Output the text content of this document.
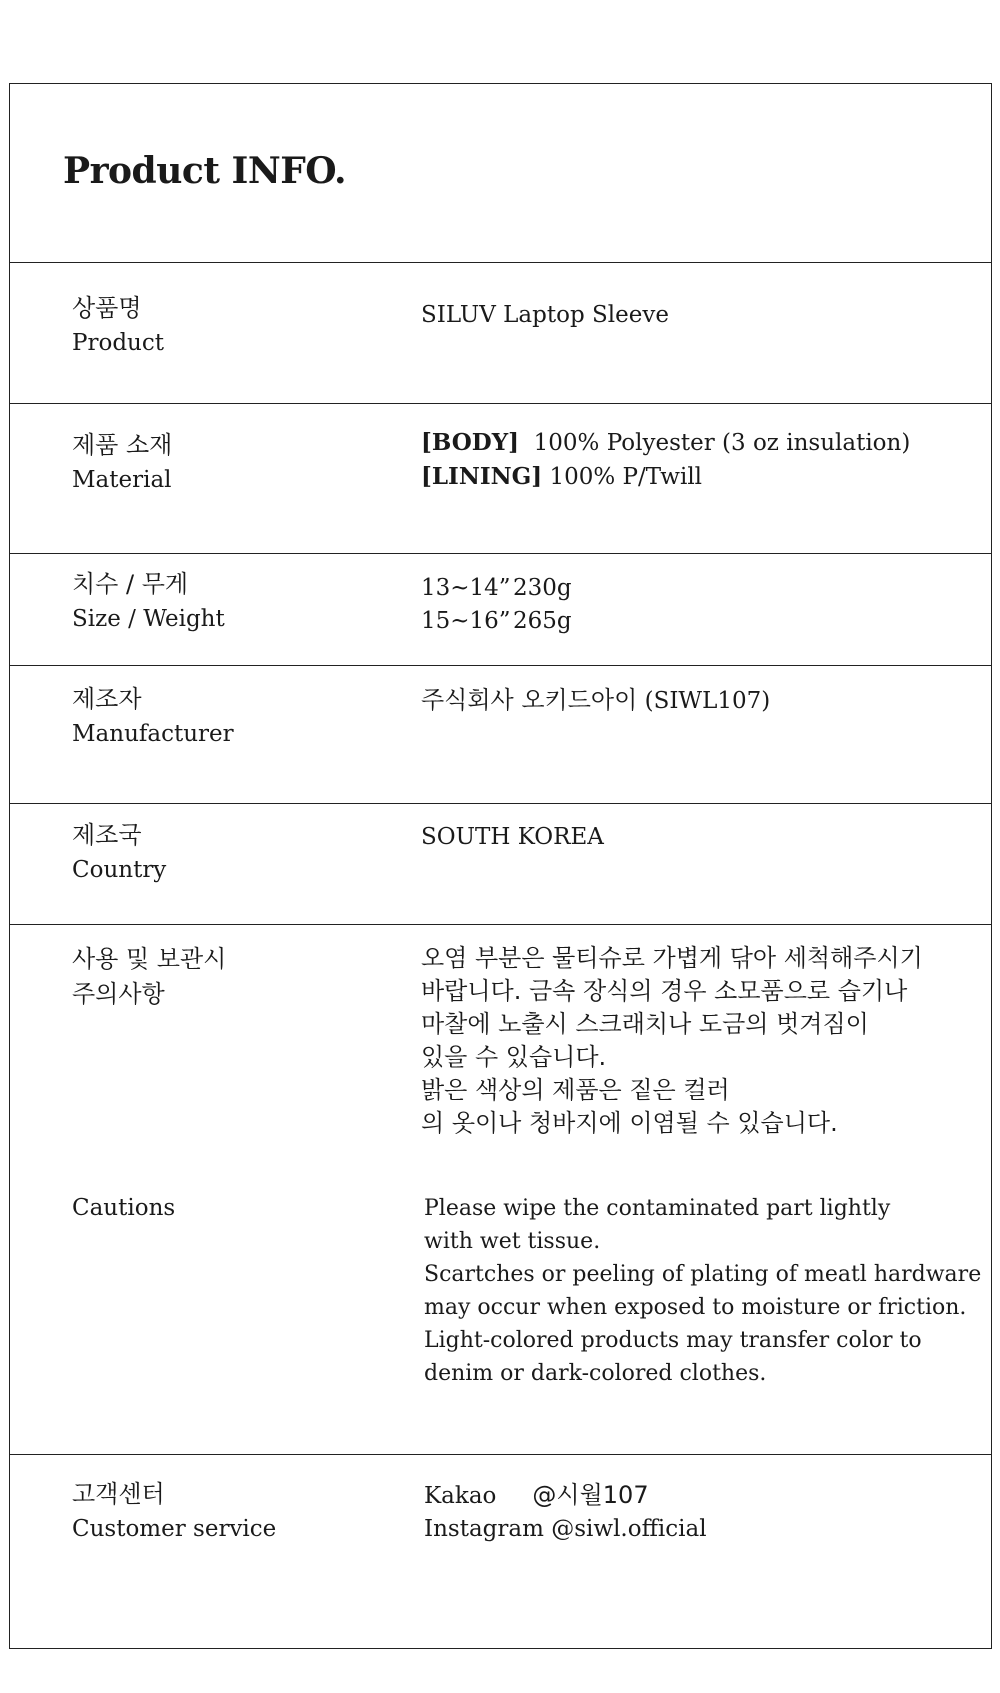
Product INFO.
상품명
Product
SILUV Laptop Sleeve
제품 소재
Material
[BODY] 100% Polyester (3 oz insulation)
[LINING] 100% P/Twill
치수 / 무게
Size / Weight
13~14” 230g
15~16” 265g
제조자
Manufacturer
주식회사 오키드아이 (SIWL107)
제조국
Country
SOUTH KOREA
사용 및 보관시
주의사항
오염 부분은 물티슈로 가볍게 닦아 세척해주시기
바랍니다. 금속 장식의 경우 소모품으로 습기나
마찰에 노출시 스크래치나 도금의 벗겨짐이
있을 수 있습니다.
밝은 색상의 제품은 짙은 컬러
의 옷이나 청바지에 이염될 수 있습니다.
Cautions	Please wipe the contaminated part lightly
with wet tissue.
Scartches or peeling of plating of meatl hardware
may occur when exposed to moisture or friction.
Light-colored products may transfer color to
denim or dark-colored clothes.
고객센터
Customer service
Kakao @시월107
Instagram @siwl.official
